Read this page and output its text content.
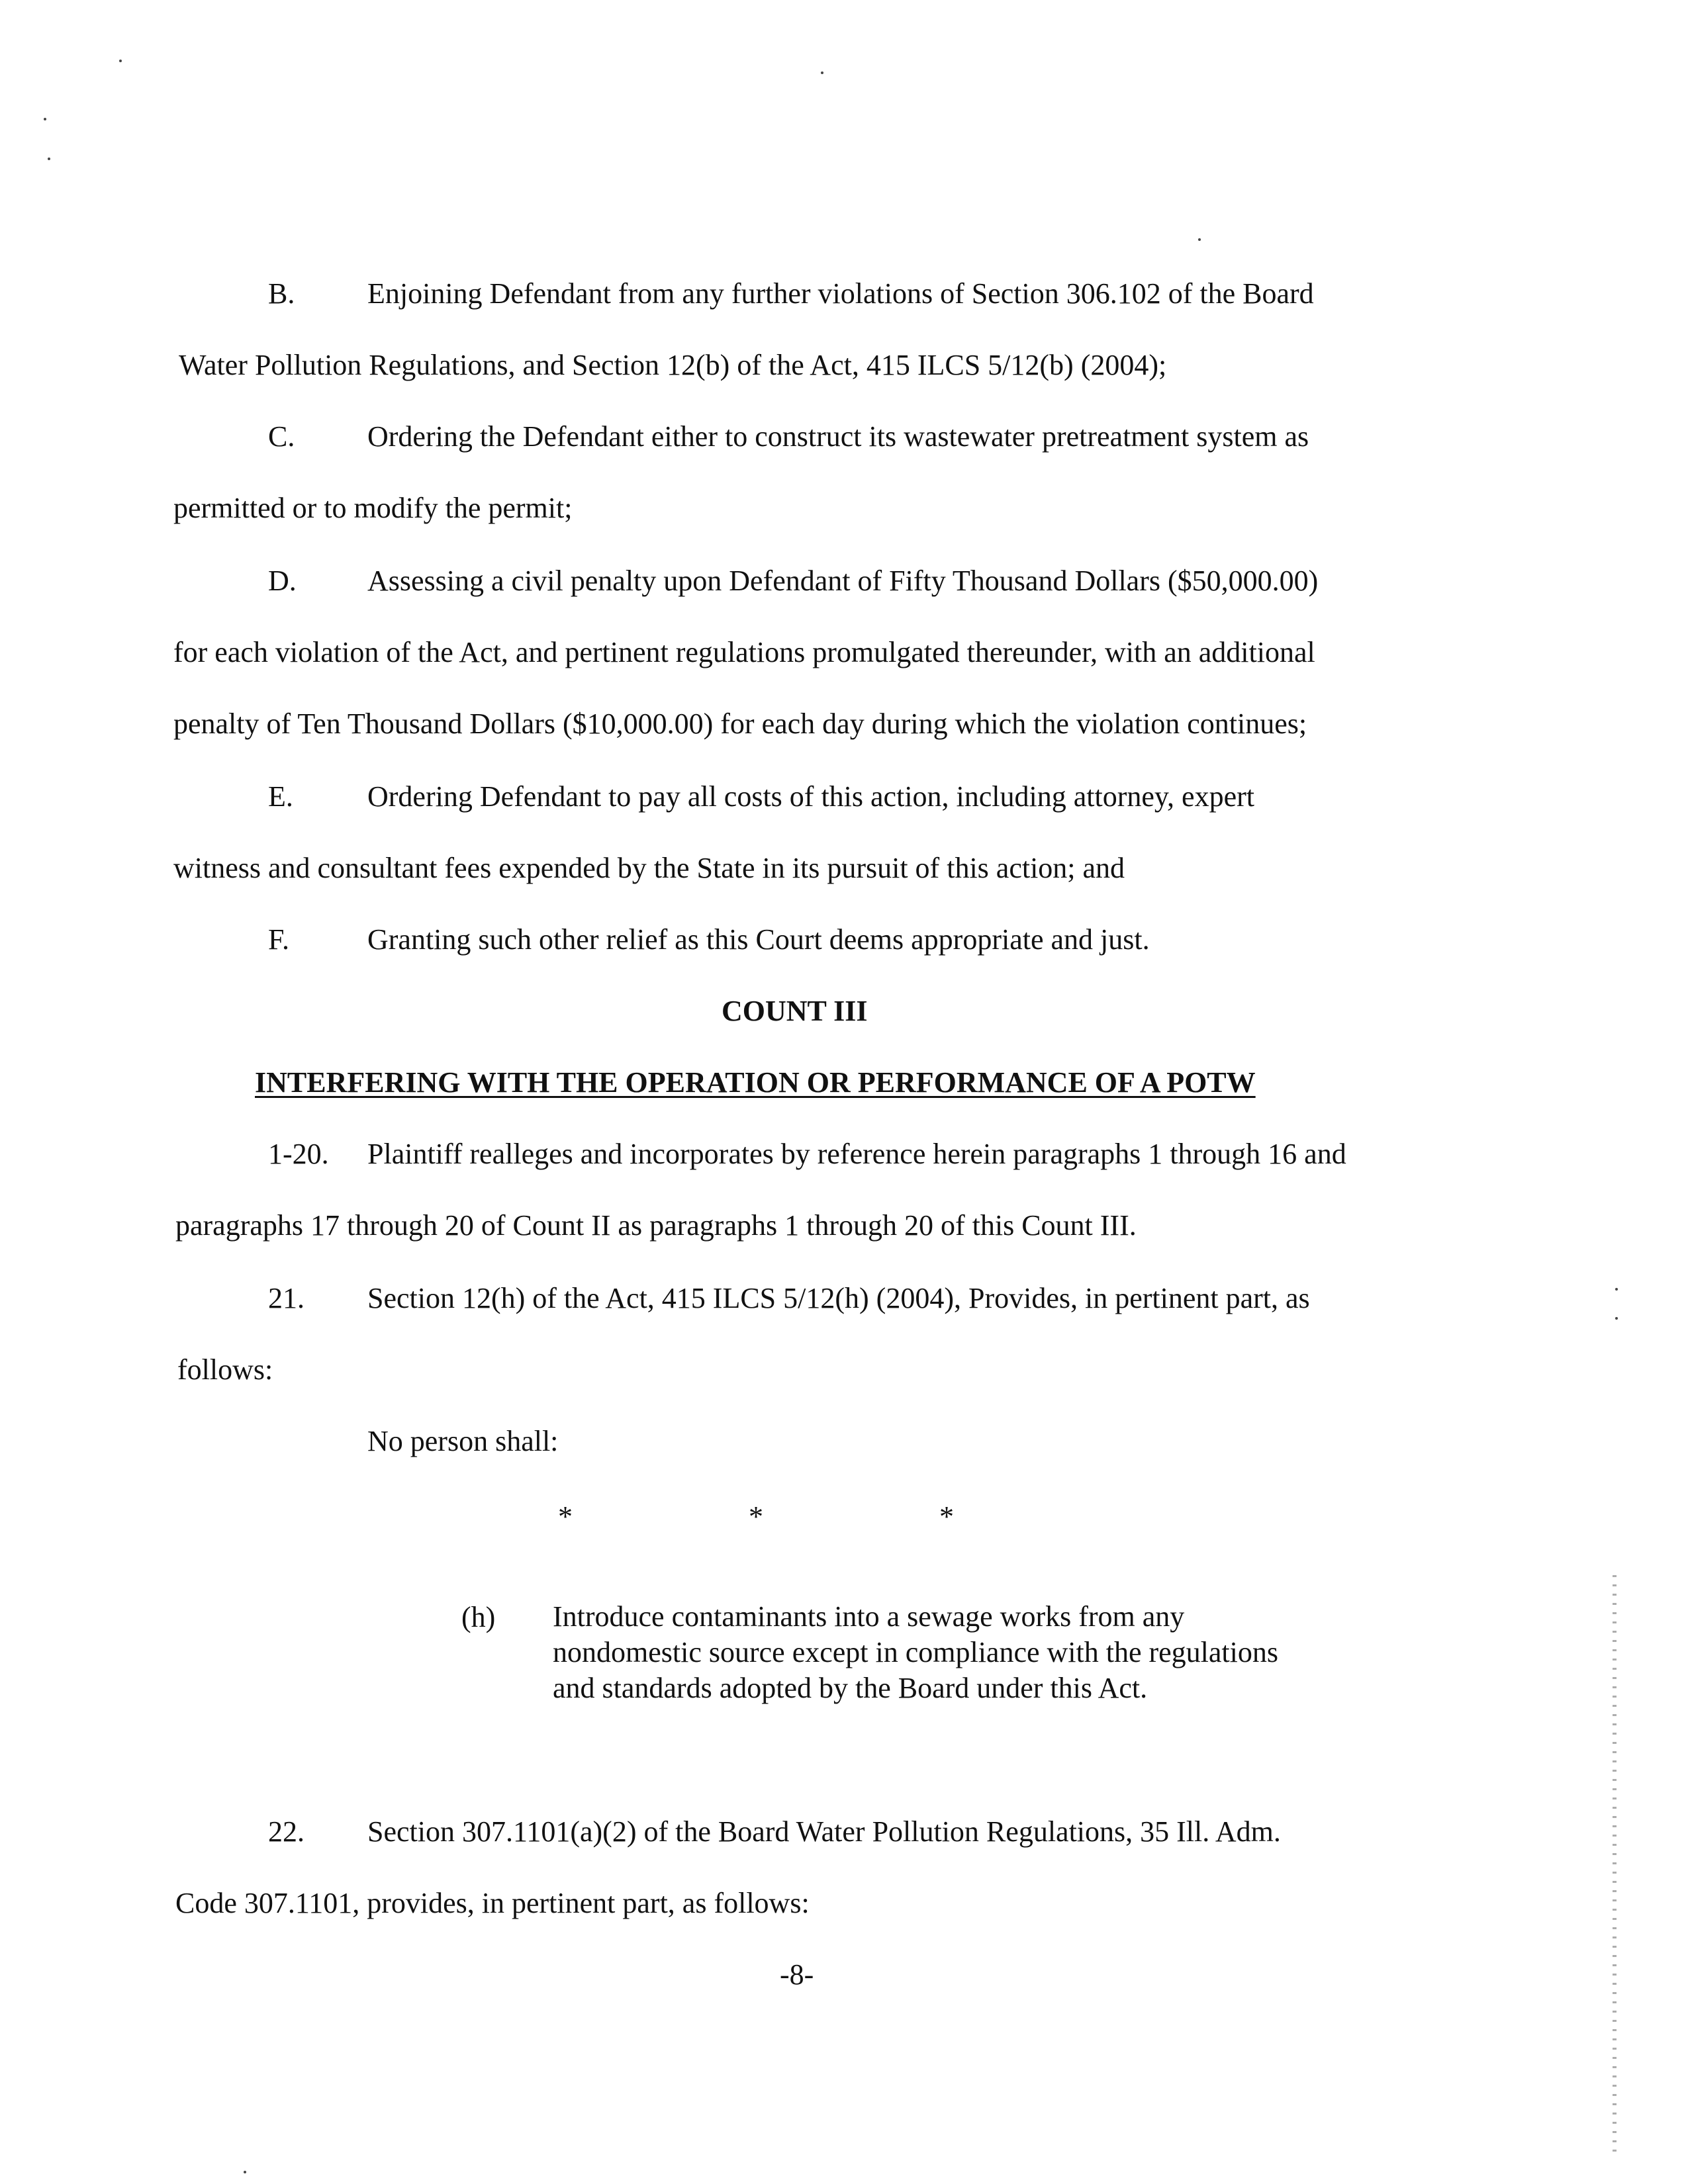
B. Enjoining Defendant from any further violations of Section 306.102 of the Board
Water Pollution Regulations, and Section 12(b) of the Act, 415 ILCS 5/12(b) (2004);
C. Ordering the Defendant either to construct its wastewater pretreatment system as
permitted or to modify the permit;
D. Assessing a civil penalty upon Defendant of Fifty Thousand Dollars ($50,000.00)
for each violation of the Act, and pertinent regulations promulgated thereunder, with an additional
penalty of Ten Thousand Dollars ($10,000.00) for each day during which the violation continues;
E.	Ordering Defendant to pay all costs of this action, including attorney, expert
witness and consultant fees expended by the State in its pursuit of this action; and
F.	Granting such other relief as this Court deems appropriate and just.
COUNT III
INTERFERING WITH THE OPERATION OR PERFORMANCE OF A POTW
1-20. Plaintiff realleges and incorporates by reference herein paragraphs 1 through 16 and
paragraphs 17 through 20 of Count II as paragraphs 1 through 20 of this Count III.
21. Section 12(h) of the Act, 415 ILCS 5/12(h) (2004), Provides, in pertinent part, as
follows:
No person shall:
*	*	*
(h) Introduce contaminants into a sewage works from any nondomestic source except in compliance with the regulations and standards adopted by the Board under this Act.
22. Section 307.1101(a)(2) of the Board Water Pollution Regulations, 35 Ill. Adm.
Code 307.1101, provides, in pertinent part, as follows:
-8-
